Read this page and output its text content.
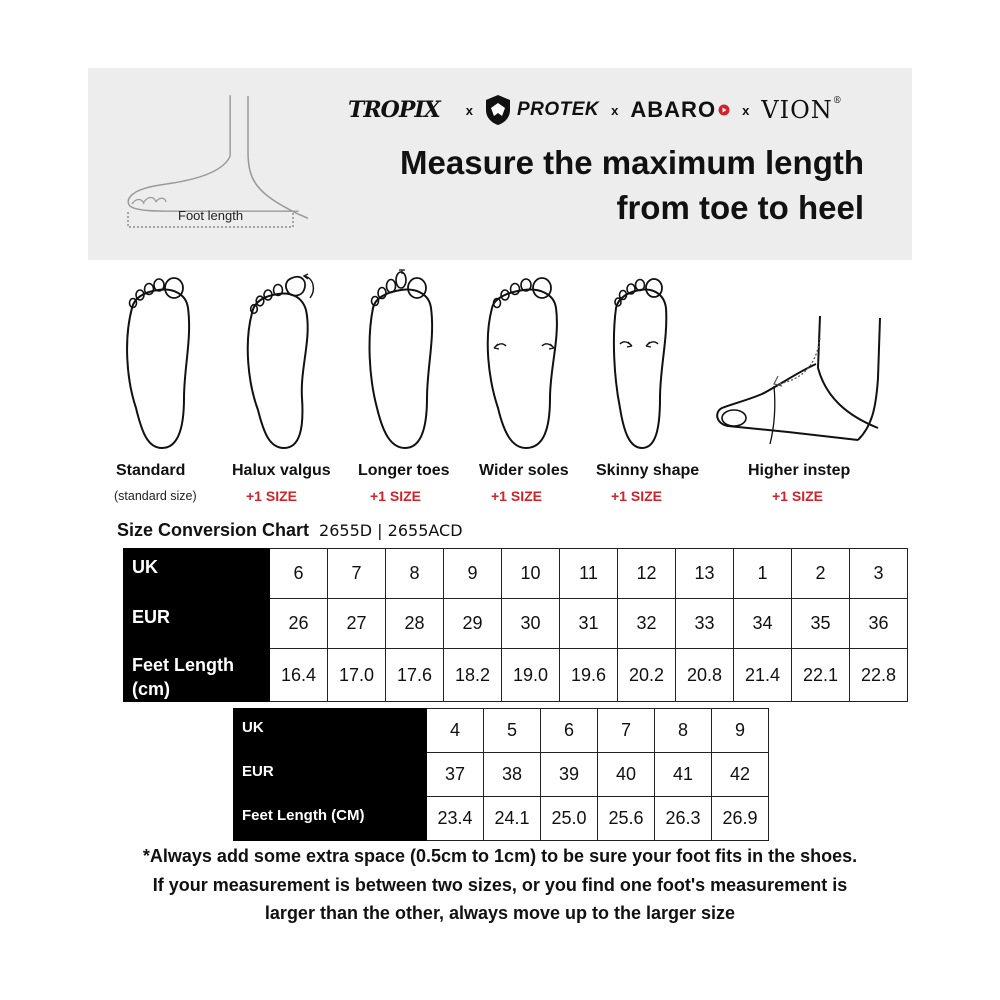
Foot length
TROPIX x PROTEK x ABARO x VION®
Measure the maximum length
from toe to heel
Standard
(standard size)
Halux valgus
+1 SIZE
Longer toes
+1 SIZE
Wider soles
+1 SIZE
Skinny shape
+1 SIZE
Higher instep
+1 SIZE
Size Conversion Chart 2655D | 2655ACD
UK	6	7	8	9	10	11	12	13	1	2	3
EUR	26	27	28	29	30	31	32	33	34	35	36

Feet Length
(cm)	16.4	17.0	17.6	18.2	19.0	19.6	20.2	20.8	21.4	22.1	22.8
UK	4	5	6	7	8	9
EUR	37	38	39	40	41	42
Feet Length (CM)	23.4	24.1	25.0	25.6	26.3	26.9
*Always add some extra space (0.5cm to 1cm) to be sure your foot fits in the shoes.
If your measurement is between two sizes, or you find one foot's measurement is
larger than the other, always move up to the larger size
